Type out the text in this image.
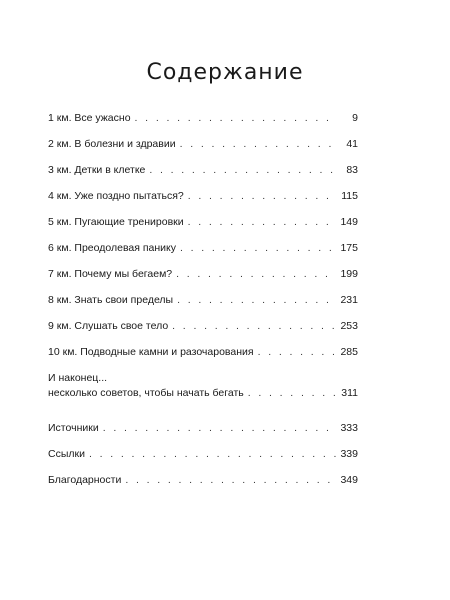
Содержание
1 км. Все ужасно . . .	9
2 км. В болезни и здравии . . .	41
3 км. Детки в клетке . . .	83
4 км. Уже поздно пытаться? . . .	115
5 км. Пугающие тренировки . . .	149
6 км. Преодолевая панику . . .	175
7 км. Почему мы бегаем? . . .	199
8 км. Знать свои пределы . . .	231
9 км. Слушать свое тело . . .	253
10 км. Подводные камни и разочарования . . .	285
И наконец...
несколько советов, чтобы начать бегать . . .	311
Источники . . .	333
Ссылки . . .	339
Благодарности . . .	349
